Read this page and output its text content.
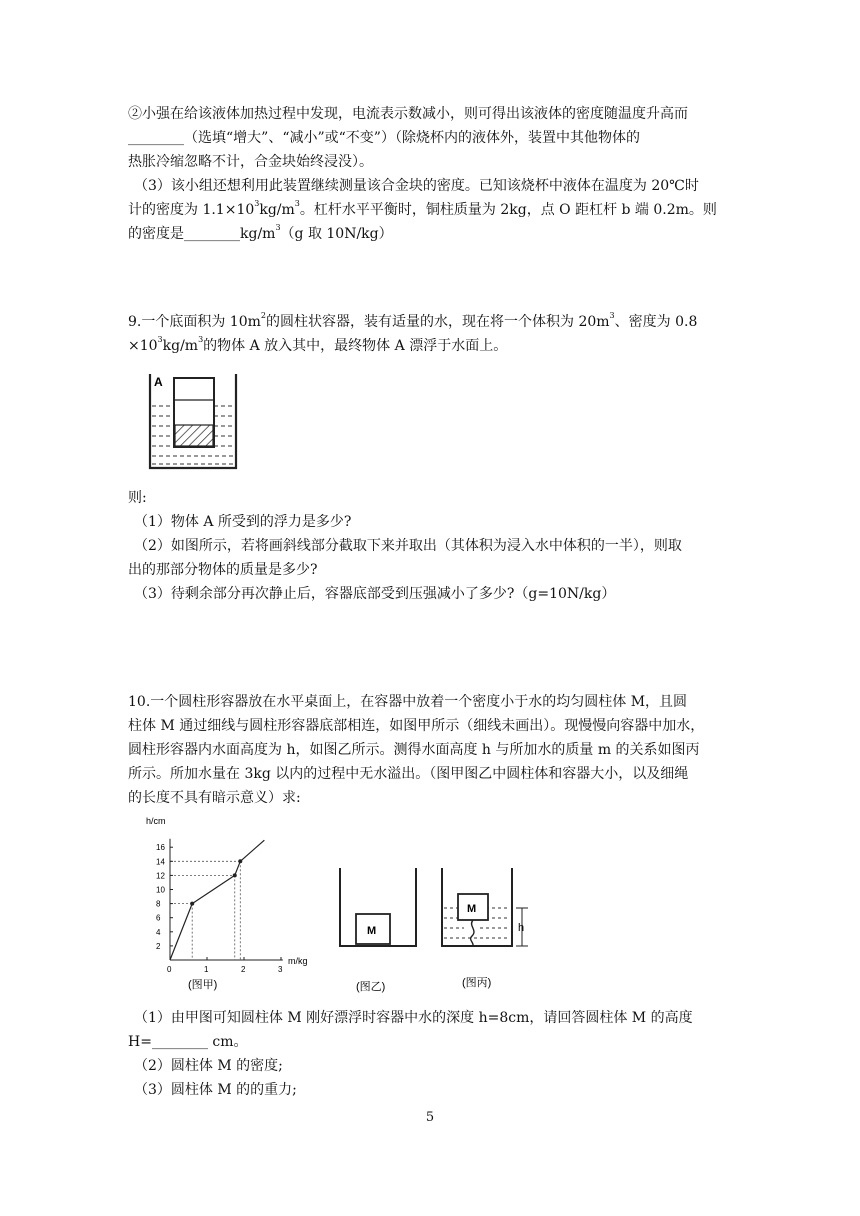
②小强在给该液体加热过程中发现，电流表示数减小，则可得出该液体的密度随温度升高而
________（选填“增大”、“减小”或“不变”）（除烧杯内的液体外，装置中其他物体的
热胀冷缩忽略不计，合金块始终浸没）。
（3）该小组还想利用此装置继续测量该合金块的密度。已知该烧杯中液体在温度为 20℃时
计的密度为 $1.1\times 10^3kg/m^3$。杠杆水平平衡时，铜柱质量为 2kg，点 O 距杠杆 b 端 0.2m。则
的密度是$\_\_\_\_\_\_\_\_kg/m^3(g$ 取 10N/kg）
9.一个底面积为 $10m^2$的圆柱状容器，装有适量的水，现在将一个体积为 $20m^3$、密度为 0.8
$\times 10^3kg/m^3$的物体 A 放入其中，最终物体 A 漂浮于水面上。
A
则:
（1）物体 A 所受到的浮力是多少?
（2）如图所示，若将画斜线部分截取下来并取出（其体积为浸入水中体积的一半），则取
出的那部分物体的质量是多少?
（3）待剩余部分再次静止后，容器底部受到压强减小了多少?（g=10N/kg）
10.一个圆柱形容器放在水平桌面上，在容器中放着一个密度小于水的均匀圆柱体 M，且圆
柱体 M 通过细线与圆柱形容器底部相连，如图甲所示（细线未画出）。现慢慢向容器中加水，
圆柱形容器内水面高度为 h，如图乙所示。测得水面高度 h 与所加水的质量 m 的关系如图丙
所示。所加水量在 3kg 以内的过程中无水溢出。（图甲图乙中圆柱体和容器大小，以及细绳
的长度不具有暗示意义）求:
0	1	2	3
2
4
6
8
10
12
14
16
h/cm
m/kg
(图甲)
M
(图乙)
M
h
(图丙)
（1）由甲图可知圆柱体 M 刚好漂浮时容器中水的深度 h=8cm，请回答圆柱体 M 的高度
H=________ cm。
（2）圆柱体 M 的密度;
（3）圆柱体 M 的的重力;
5
